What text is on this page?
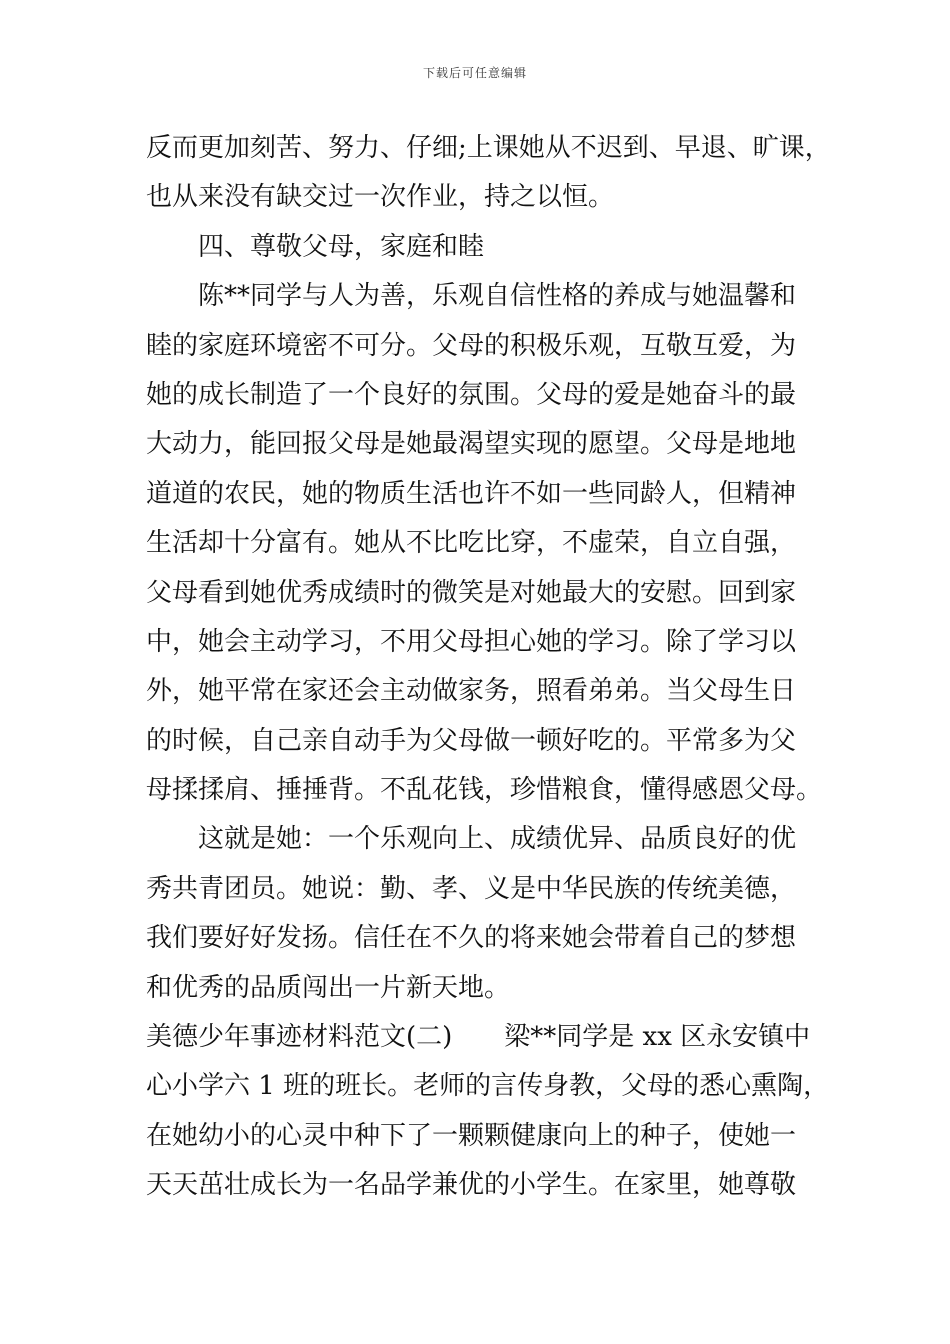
下载后可任意编辑
反而更加刻苦、努力、仔细;上课她从不迟到、早退、旷课，
也从来没有缺交过一次作业，持之以恒。
四、尊敬父母，家庭和睦
陈**同学与人为善，乐观自信性格的养成与她温馨和
睦的家庭环境密不可分。父母的积极乐观，互敬互爱，为
她的成长制造了一个良好的氛围。父母的爱是她奋斗的最
大动力，能回报父母是她最渴望实现的愿望。父母是地地
道道的农民，她的物质生活也许不如一些同龄人，但精神
生活却十分富有。她从不比吃比穿，不虚荣，自立自强，
父母看到她优秀成绩时的微笑是对她最大的安慰。回到家
中，她会主动学习，不用父母担心她的学习。除了学习以
外，她平常在家还会主动做家务，照看弟弟。当父母生日
的时候，自己亲自动手为父母做一顿好吃的。平常多为父
母揉揉肩、捶捶背。不乱花钱，珍惜粮食，懂得感恩父母。
这就是她：一个乐观向上、成绩优异、品质良好的优
秀共青团员。她说：勤、孝、义是中华民族的传统美德，
我们要好好发扬。信任在不久的将来她会带着自己的梦想
和优秀的品质闯出一片新天地。
美德少年事迹材料范文(二)　　梁**同学是 xx 区永安镇中
心小学六 1 班的班长。老师的言传身教，父母的悉心熏陶，
在她幼小的心灵中种下了一颗颗健康向上的种子，使她一
天天茁壮成长为一名品学兼优的小学生。在家里，她尊敬
